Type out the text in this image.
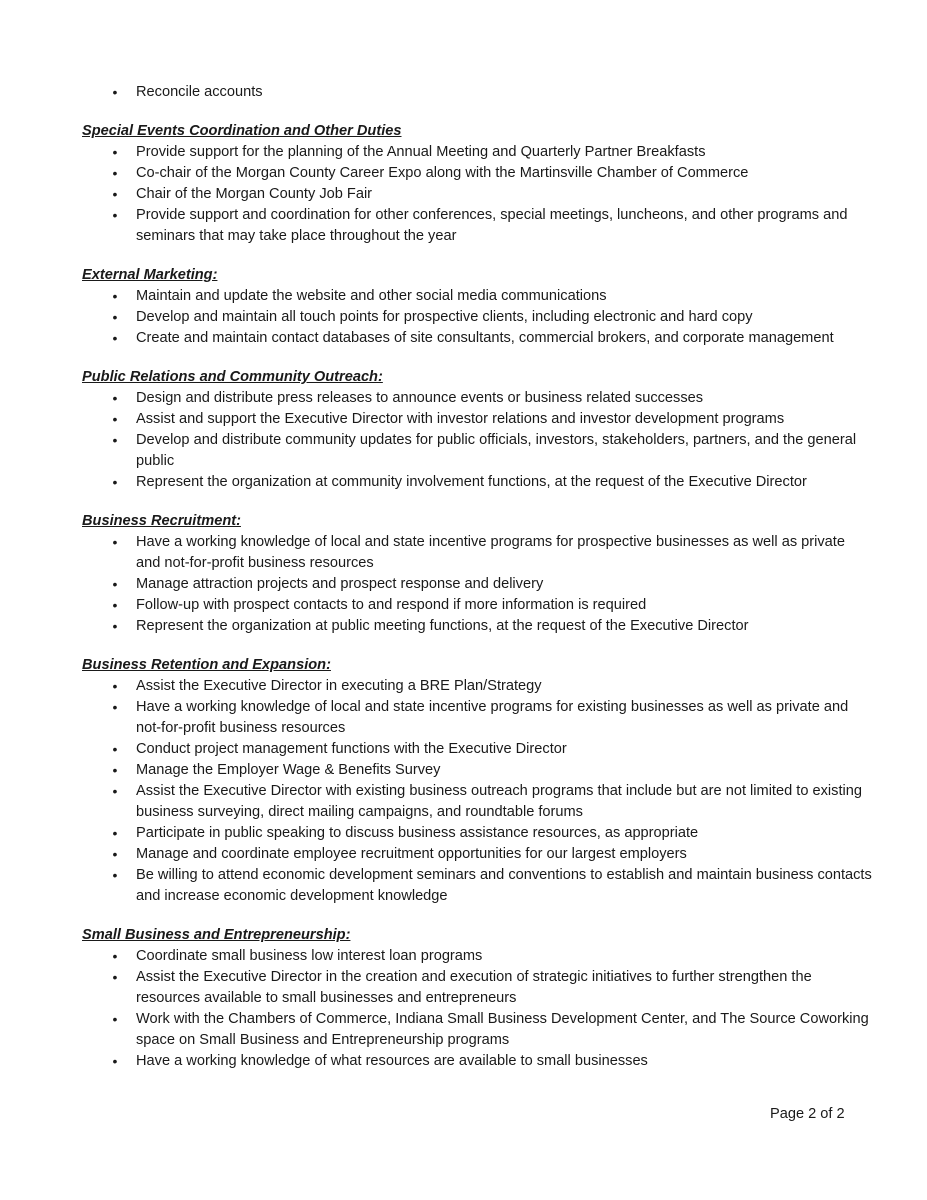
• Reconcile accounts

Special Events Coordination and Other Duties

• Provide support for the planning of the Annual Meeting and Quarterly Partner Breakfasts
• Co-chair of the Morgan County Career Expo along with the Martinsville Chamber of Commerce
• Chair of the Morgan County Job Fair
• Provide support and coordination for other conferences, special meetings, luncheons, and other programs and seminars that may take place throughout the year

External Marketing:

• Maintain and update the website and other social media communications
• Develop and maintain all touch points for prospective clients, including electronic and hard copy
• Create and maintain contact databases of site consultants, commercial brokers, and corporate management

Public Relations and Community Outreach:

• Design and distribute press releases to announce events or business related successes
• Assist and support the Executive Director with investor relations and investor development programs
• Develop and distribute community updates for public officials, investors, stakeholders, partners, and the general public
• Represent the organization at community involvement functions, at the request of the Executive Director

Business Recruitment:

• Have a working knowledge of local and state incentive programs for prospective businesses as well as private and not-for-profit business resources
• Manage attraction projects and prospect response and delivery
• Follow-up with prospect contacts to and respond if more information is required
• Represent the organization at public meeting functions, at the request of the Executive Director

Business Retention and Expansion:

• Assist the Executive Director in executing a BRE Plan/Strategy
• Have a working knowledge of local and state incentive programs for existing businesses as well as private and not-for-profit business resources
• Conduct project management functions with the Executive Director
• Manage the Employer Wage & Benefits Survey
• Assist the Executive Director with existing business outreach programs that include but are not limited to existing business surveying, direct mailing campaigns, and roundtable forums
• Participate in public speaking to discuss business assistance resources, as appropriate
• Manage and coordinate employee recruitment opportunities for our largest employers
• Be willing to attend economic development seminars and conventions to establish and maintain business contacts and increase economic development knowledge

Small Business and Entrepreneurship:

• Coordinate small business low interest loan programs
• Assist the Executive Director in the creation and execution of strategic initiatives to further strengthen the resources available to small businesses and entrepreneurs
• Work with the Chambers of Commerce, Indiana Small Business Development Center, and The Source Coworking space on Small Business and Entrepreneurship programs
• Have a working knowledge of what resources are available to small businesses
Page 2 of 2
